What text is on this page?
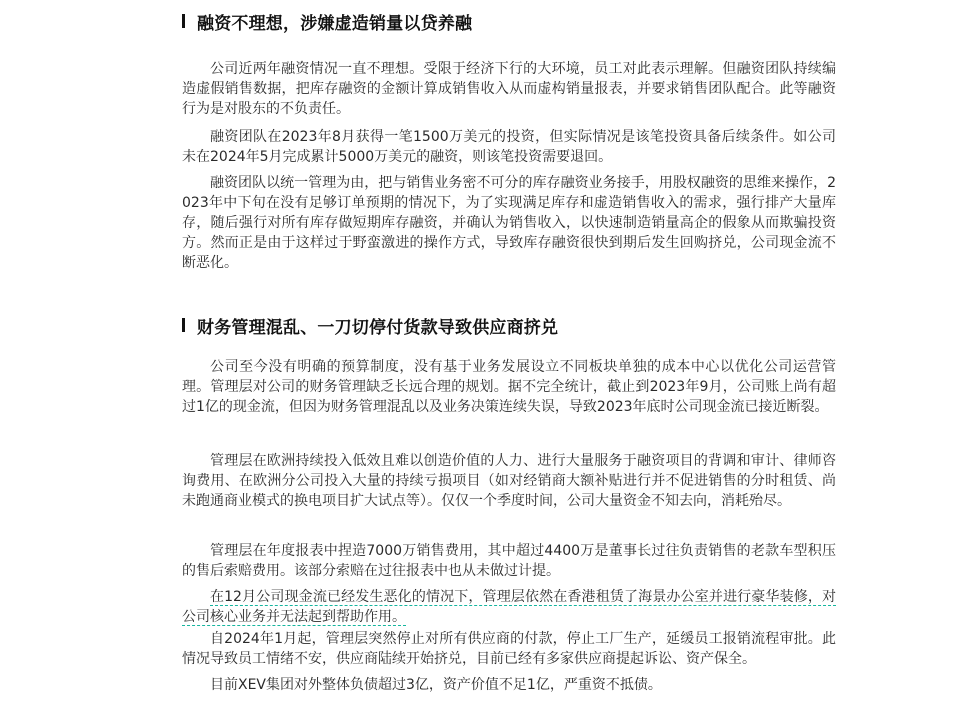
融资不理想，涉嫌虚造销量以贷养融

公司近两年融资情况一直不理想。受限于经济下行的大环境，员工对此表示理解。但融资团队持续编造虚假销售数据，把库存融资的金额计算成销售收入从而虚构销量报表，并要求销售团队配合。此等融资行为是对股东的不负责任。

融资团队在2023年8月获得一笔1500万美元的投资，但实际情况是该笔投资具备后续条件。如公司未在2024年5月完成累计5000万美元的融资，则该笔投资需要退回。

融资团队以统一管理为由，把与销售业务密不可分的库存融资业务接手，用股权融资的思维来操作，2023年中下旬在没有足够订单预期的情况下，为了实现满足库存和虚造销售收入的需求，强行排产大量库存，随后强行对所有库存做短期库存融资，并确认为销售收入，以快速制造销量高企的假象从而欺骗投资方。然而正是由于这样过于野蛮激进的操作方式，导致库存融资很快到期后发生回购挤兑，公司现金流不断恶化。

财务管理混乱、一刀切停付货款导致供应商挤兑

公司至今没有明确的预算制度，没有基于业务发展设立不同板块单独的成本中心以优化公司运营管理。管理层对公司的财务管理缺乏长远合理的规划。据不完全统计，截止到2023年9月，公司账上尚有超过1亿的现金流，但因为财务管理混乱以及业务决策连续失误，导致2023年底时公司现金流已接近断裂。

管理层在欧洲持续投入低效且难以创造价值的人力、进行大量服务于融资项目的背调和审计、律师咨询费用、在欧洲分公司投入大量的持续亏损项目（如对经销商大额补贴进行并不促进销售的分时租赁、尚未跑通商业模式的换电项目扩大试点等）。仅仅一个季度时间，公司大量资金不知去向，消耗殆尽。

管理层在年度报表中捏造7000万销售费用，其中超过4400万是董事长过往负责销售的老款车型积压的售后索赔费用。该部分索赔在过往报表中也从未做过计提。

在12月公司现金流已经发生恶化的情况下，管理层依然在香港租赁了海景办公室并进行豪华装修，对公司核心业务并无法起到帮助作用。

自2024年1月起，管理层突然停止对所有供应商的付款，停止工厂生产，延缓员工报销流程审批。此情况导致员工情绪不安，供应商陆续开始挤兑，目前已经有多家供应商提起诉讼、资产保全。

目前XEV集团对外整体负债超过3亿，资产价值不足1亿，严重资不抵债。
